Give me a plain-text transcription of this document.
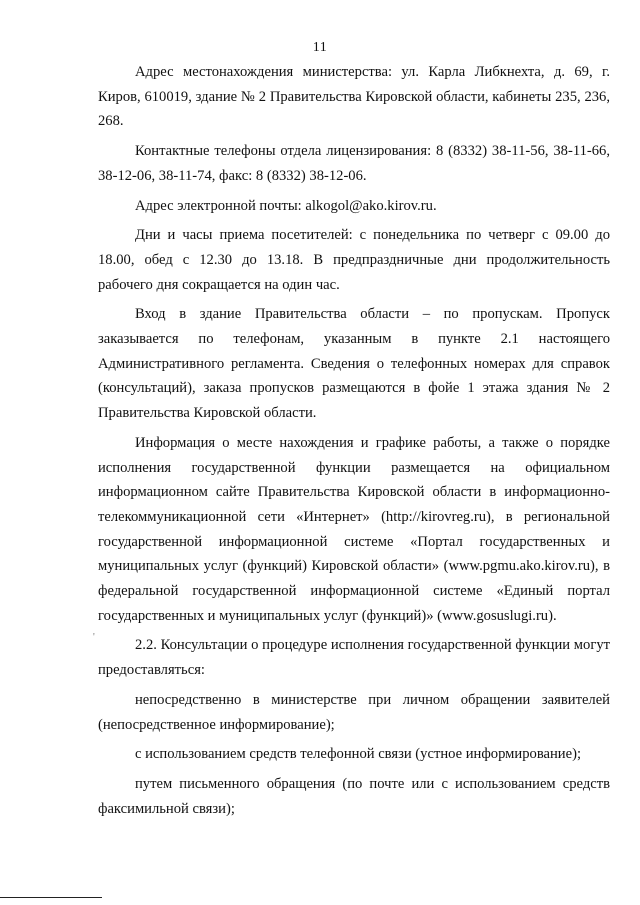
11

Адрес местонахождения министерства: ул. Карла Либкнехта, д. 69, г. Киров, 610019, здание № 2 Правительства Кировской области, кабинеты 235, 236, 268.

Контактные телефоны отдела лицензирования: 8 (8332) 38-11-56, 38-11-66, 38-12-06, 38-11-74, факс: 8 (8332) 38-12-06.

Адрес электронной почты: alkogol@ako.kirov.ru.

Дни и часы приема посетителей: с понедельника по четверг с 09.00 до 18.00, обед с 12.30 до 13.18. В предпраздничные дни продолжительность рабочего дня сокращается на один час.

Вход в здание Правительства области – по пропускам. Пропуск заказывается по телефонам, указанным в пункте 2.1 настоящего Административного регламента. Сведения о телефонных номерах для справок (консультаций), заказа пропусков размещаются в фойе 1 этажа здания № 2 Правительства Кировской области.

Информация о месте нахождения и графике работы, а также о порядке исполнения государственной функции размещается на официальном информационном сайте Правительства Кировской области в информационно-телекоммуникационной сети «Интернет» (http://kirovreg.ru), в региональной государственной информационной системе «Портал государственных и муниципальных услуг (функций) Кировской области» (www.pgmu.ako.kirov.ru), в федеральной государственной информационной системе «Единый портал государственных и муниципальных услуг (функций)» (www.gosuslugi.ru).

2.2. Консультации о процедуре исполнения государственной функции могут предоставляться:

непосредственно в министерстве при личном обращении заявителей (непосредственное информирование);

с использованием средств телефонной связи (устное информирование);

путем письменного обращения (по почте или с использованием средств факсимильной связи);

'
